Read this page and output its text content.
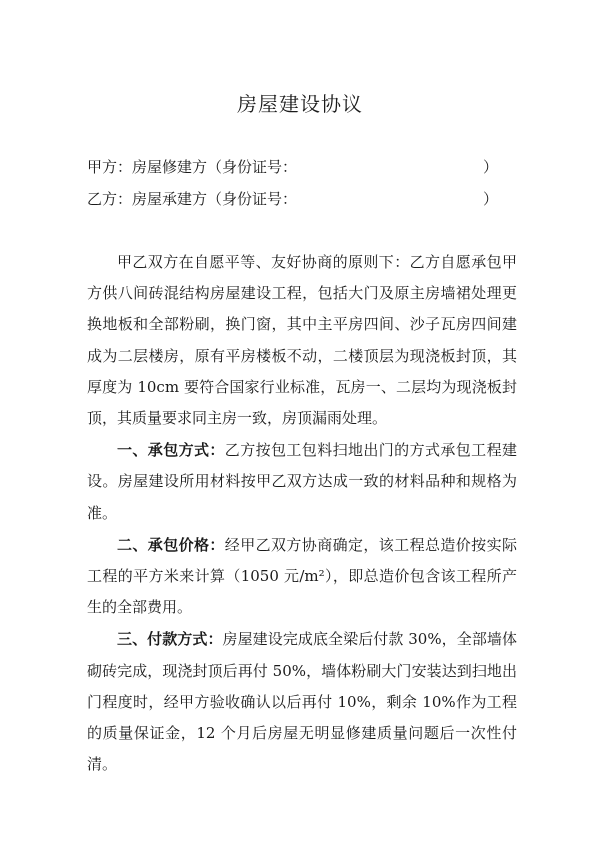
房屋建设协议

甲方：房屋修建方（身份证号：	）

乙方：房屋承建方（身份证号：	）

甲乙双方在自愿平等、友好协商的原则下：乙方自愿承包甲方供八间砖混结构房屋建设工程，包括大门及原主房墙裙处理更换地板和全部粉刷，换门窗，其中主平房四间、沙子瓦房四间建成为二层楼房，原有平房楼板不动，二楼顶层为现浇板封顶，其厚度为 10cm 要符合国家行业标准，瓦房一、二层均为现浇板封顶，其质量要求同主房一致，房顶漏雨处理。

一、承包方式：乙方按包工包料扫地出门的方式承包工程建设。房屋建设所用材料按甲乙双方达成一致的材料品种和规格为准。

二、承包价格：经甲乙双方协商确定，该工程总造价按实际工程的平方米来计算（1050 元/m²），即总造价包含该工程所产生的全部费用。

三、付款方式：房屋建设完成底全梁后付款 30%，全部墙体砌砖完成，现浇封顶后再付 50%，墙体粉刷大门安装达到扫地出门程度时，经甲方验收确认以后再付 10%，剩余 10%作为工程的质量保证金，12 个月后房屋无明显修建质量问题后一次性付清。
